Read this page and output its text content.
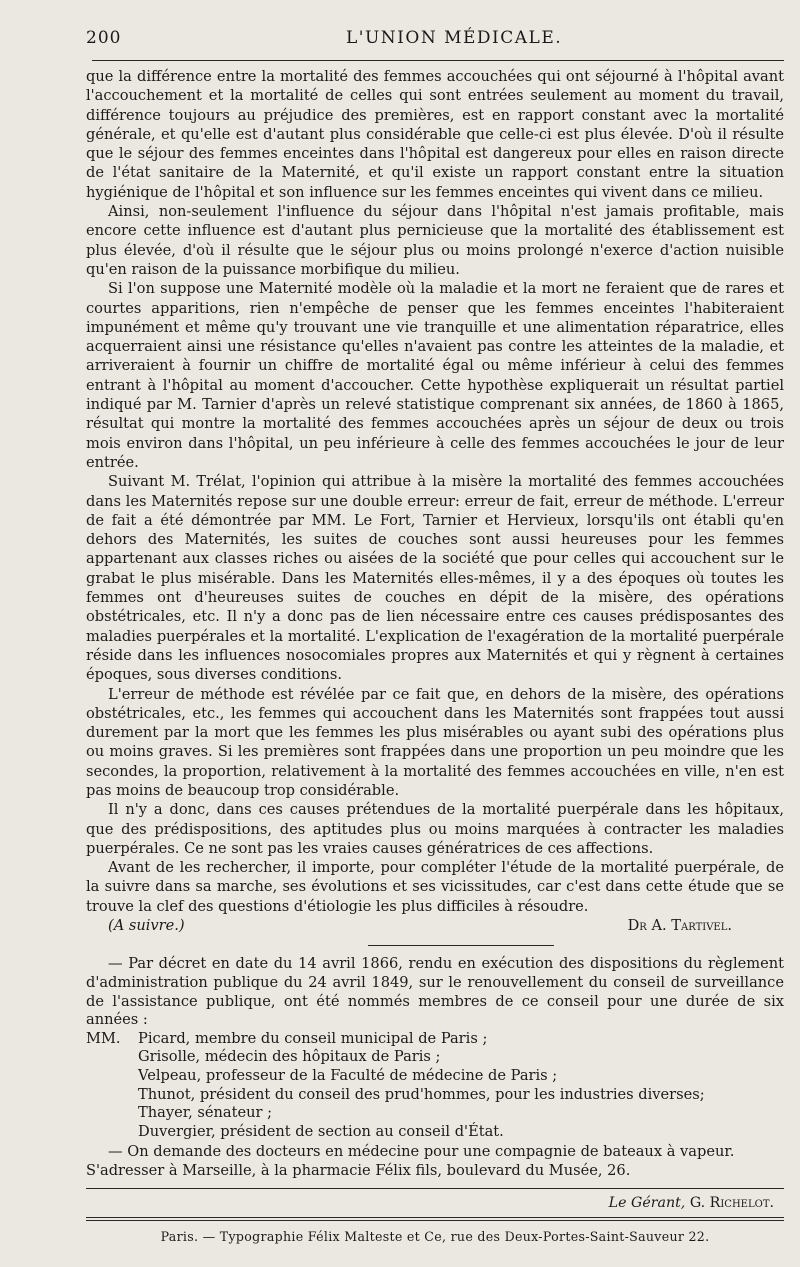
200	L'UNION MÉDICALE.

que la différence entre la mortalité des femmes accouchées qui ont séjourné à l'hôpital avant l'accouchement et la mortalité de celles qui sont entrées seulement au moment du travail, différence toujours au préjudice des premières, est en rapport constant avec la mortalité générale, et qu'elle est d'autant plus considérable que celle-ci est plus élevée. D'où il résulte que le séjour des femmes enceintes dans l'hôpital est dangereux pour elles en raison directe de l'état sanitaire de la Maternité, et qu'il existe un rapport constant entre la situation hygiénique de l'hôpital et son influence sur les femmes enceintes qui vivent dans ce milieu.

Ainsi, non-seulement l'influence du séjour dans l'hôpital n'est jamais profitable, mais encore cette influence est d'autant plus pernicieuse que la mortalité des établissement est plus élevée, d'où il résulte que le séjour plus ou moins prolongé n'exerce d'action nuisible qu'en raison de la puissance morbifique du milieu.

Si l'on suppose une Maternité modèle où la maladie et la mort ne feraient que de rares et courtes apparitions, rien n'empêche de penser que les femmes enceintes l'habiteraient impunément et même qu'y trouvant une vie tranquille et une alimentation réparatrice, elles acquerraient ainsi une résistance qu'elles n'avaient pas contre les atteintes de la maladie, et arriveraient à fournir un chiffre de mortalité égal ou même inférieur à celui des femmes entrant à l'hôpital au moment d'accoucher. Cette hypothèse expliquerait un résultat partiel indiqué par M. Tarnier d'après un relevé statistique comprenant six années, de 1860 à 1865, résultat qui montre la mortalité des femmes accouchées après un séjour de deux ou trois mois environ dans l'hôpital, un peu inférieure à celle des femmes accouchées le jour de leur entrée.

Suivant M. Trélat, l'opinion qui attribue à la misère la mortalité des femmes accouchées dans les Maternités repose sur une double erreur: erreur de fait, erreur de méthode. L'erreur de fait a été démontrée par MM. Le Fort, Tarnier et Hervieux, lorsqu'ils ont établi qu'en dehors des Maternités, les suites de couches sont aussi heureuses pour les femmes appartenant aux classes riches ou aisées de la société que pour celles qui accouchent sur le grabat le plus misérable. Dans les Maternités elles-mêmes, il y a des époques où toutes les femmes ont d'heureuses suites de couches en dépit de la misère, des opérations obstétricales, etc. Il n'y a donc pas de lien nécessaire entre ces causes prédisposantes des maladies puerpérales et la mortalité. L'explication de l'exagération de la mortalité puerpérale réside dans les influences nosocomiales propres aux Maternités et qui y règnent à certaines époques, sous diverses conditions.

L'erreur de méthode est révélée par ce fait que, en dehors de la misère, des opérations obstétricales, etc., les femmes qui accouchent dans les Maternités sont frappées tout aussi durement par la mort que les femmes les plus misérables ou ayant subi des opérations plus ou moins graves. Si les premières sont frappées dans une proportion un peu moindre que les secondes, la proportion, relativement à la mortalité des femmes accouchées en ville, n'en est pas moins de beaucoup trop considérable.

Il n'y a donc, dans ces causes prétendues de la mortalité puerpérale dans les hôpitaux, que des prédispositions, des aptitudes plus ou moins marquées à contracter les maladies puerpérales. Ce ne sont pas les vraies causes génératrices de ces affections.

Avant de les rechercher, il importe, pour compléter l'étude de la mortalité puerpérale, de la suivre dans sa marche, ses évolutions et ses vicissitudes, car c'est dans cette étude que se trouve la clef des questions d'étiologie les plus difficiles à résoudre.

(A suivre.)	Dr A. Tartivel.

— Par décret en date du 14 avril 1866, rendu en exécution des dispositions du règlement d'administration publique du 24 avril 1849, sur le renouvellement du conseil de surveillance de l'assistance publique, ont été nommés membres de ce conseil pour une durée de six années :

MM. Picard, membre du conseil municipal de Paris ;
Grisolle, médecin des hôpitaux de Paris ;
Velpeau, professeur de la Faculté de médecine de Paris ;
Thunot, président du conseil des prud'hommes, pour les industries diverses;
Thayer, sénateur ;
Duvergier, président de section au conseil d'État.

— On demande des docteurs en médecine pour une compagnie de bateaux à vapeur.

S'adresser à Marseille, à la pharmacie Félix fils, boulevard du Musée, 26.

Le Gérant, G. Richelot.
Paris. — Typographie Félix Malteste et Ce, rue des Deux-Portes-Saint-Sauveur 22.
